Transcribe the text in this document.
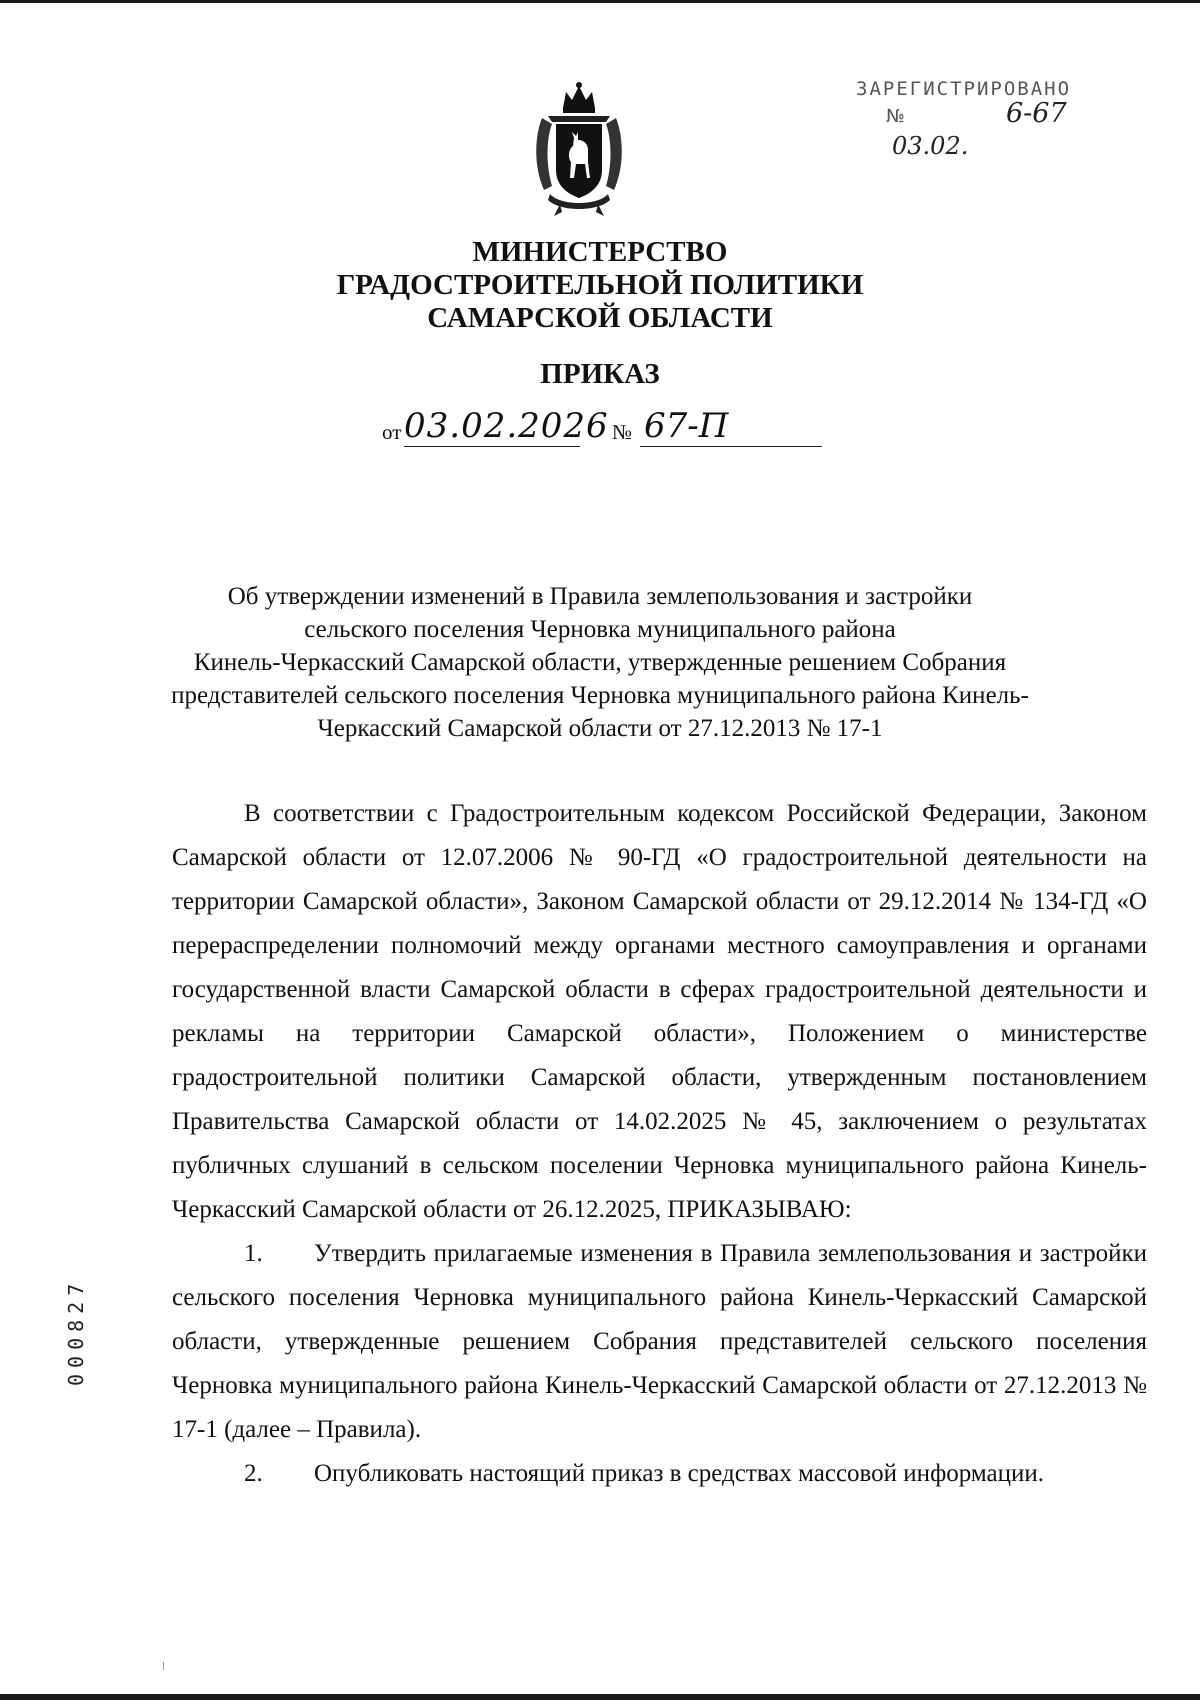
ЗАРЕГИСТРИРОВАНО
№	6-67
03.02.
МИНИСТЕРСТВО
ГРАДОСТРОИТЕЛЬНОЙ ПОЛИТИКИ
САМАРСКОЙ ОБЛАСТИ
ПРИКАЗ
от 03.02.2026 № 67-П
Об утверждении изменений в Правила землепользования и застройки
сельского поселения Черновка муниципального района
Кинель-Черкасский Самарской области, утвержденные решением Собрания
представителей сельского поселения Черновка муниципального района Кинель-
Черкасский Самарской области от 27.12.2013 № 17-1

В соответствии с Градостроительным кодексом Российской Федерации, Законом Самарской области от 12.07.2006 № 90-ГД «О градостроительной деятельности на территории Самарской области», Законом Самарской области от 29.12.2014 № 134-ГД «О перераспределении полномочий между органами местного самоуправления и органами государственной власти Самарской области в сферах градостроительной деятельности и рекламы на территории Самарской области», Положением о министерстве градостроительной политики Самарской области, утвержденным постановлением Правительства Самарской области от 14.02.2025 № 45, заключением о результатах публичных слушаний в сельском поселении Черновка муниципального района Кинель-Черкасский Самарской области от 26.12.2025, ПРИКАЗЫВАЮ:

1. Утвердить прилагаемые изменения в Правила землепользования и застройки сельского поселения Черновка муниципального района Кинель-Черкасский Самарской области, утвержденные решением Собрания представителей сельского поселения Черновка муниципального района Кинель-Черкасский Самарской области от 27.12.2013 № 17-1 (далее – Правила).

2. Опубликовать настоящий приказ в средствах массовой информации.

000827
